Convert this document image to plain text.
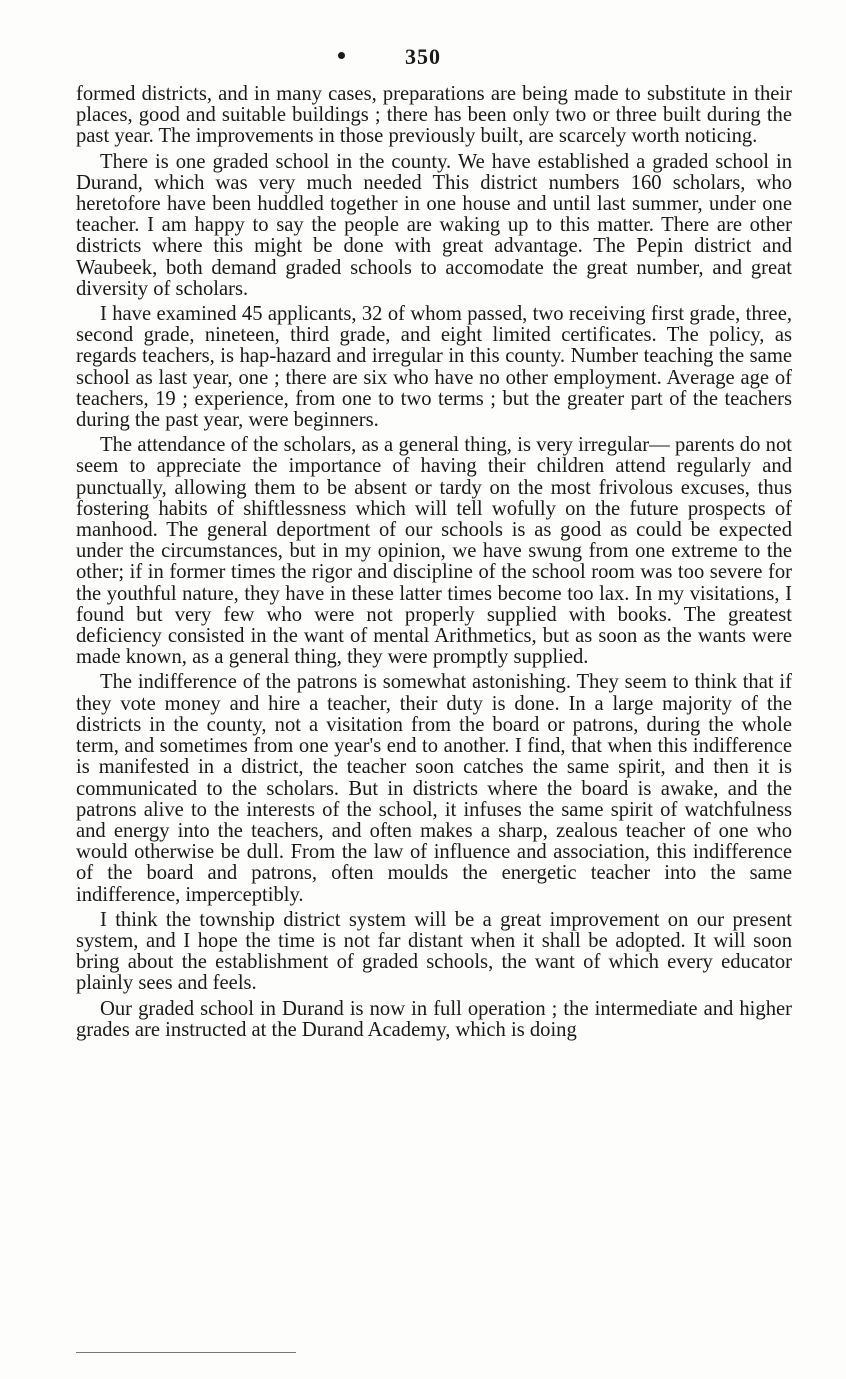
350

formed districts, and in many cases, preparations are being made to substitute in their places, good and suitable buildings ; there has been only two or three built during the past year. The improvements in those previously built, are scarcely worth noticing.

There is one graded school in the county. We have established a graded school in Durand, which was very much needed This district numbers 160 scholars, who heretofore have been huddled together in one house and until last summer, under one teacher. I am happy to say the people are waking up to this matter. There are other districts where this might be done with great advantage. The Pepin district and Waubeek, both demand graded schools to accomodate the great number, and great diversity of scholars.

I have examined 45 applicants, 32 of whom passed, two receiving first grade, three, second grade, nineteen, third grade, and eight limited certificates. The policy, as regards teachers, is hap-hazard and irregular in this county. Number teaching the same school as last year, one ; there are six who have no other employment. Average age of teachers, 19 ; experience, from one to two terms ; but the greater part of the teachers during the past year, were beginners.

The attendance of the scholars, as a general thing, is very irregular— parents do not seem to appreciate the importance of having their children attend regularly and punctually, allowing them to be absent or tardy on the most frivolous excuses, thus fostering habits of shiftlessness which will tell wofully on the future prospects of manhood. The general deportment of our schools is as good as could be expected under the circumstances, but in my opinion, we have swung from one extreme to the other; if in former times the rigor and discipline of the school room was too severe for the youthful nature, they have in these latter times become too lax. In my visitations, I found but very few who were not properly supplied with books. The greatest deficiency consisted in the want of mental Arithmetics, but as soon as the wants were made known, as a general thing, they were promptly supplied.

The indifference of the patrons is somewhat astonishing. They seem to think that if they vote money and hire a teacher, their duty is done. In a large majority of the districts in the county, not a visitation from the board or patrons, during the whole term, and sometimes from one year's end to another. I find, that when this indifference is manifested in a district, the teacher soon catches the same spirit, and then it is communicated to the scholars. But in districts where the board is awake, and the patrons alive to the interests of the school, it infuses the same spirit of watchfulness and energy into the teachers, and often makes a sharp, zealous teacher of one who would otherwise be dull. From the law of influence and association, this indifference of the board and patrons, often moulds the energetic teacher into the same indifference, imperceptibly.

I think the township district system will be a great improvement on our present system, and I hope the time is not far distant when it shall be adopted. It will soon bring about the establishment of graded schools, the want of which every educator plainly sees and feels.

Our graded school in Durand is now in full operation ; the intermediate and higher grades are instructed at the Durand Academy, which is doing
